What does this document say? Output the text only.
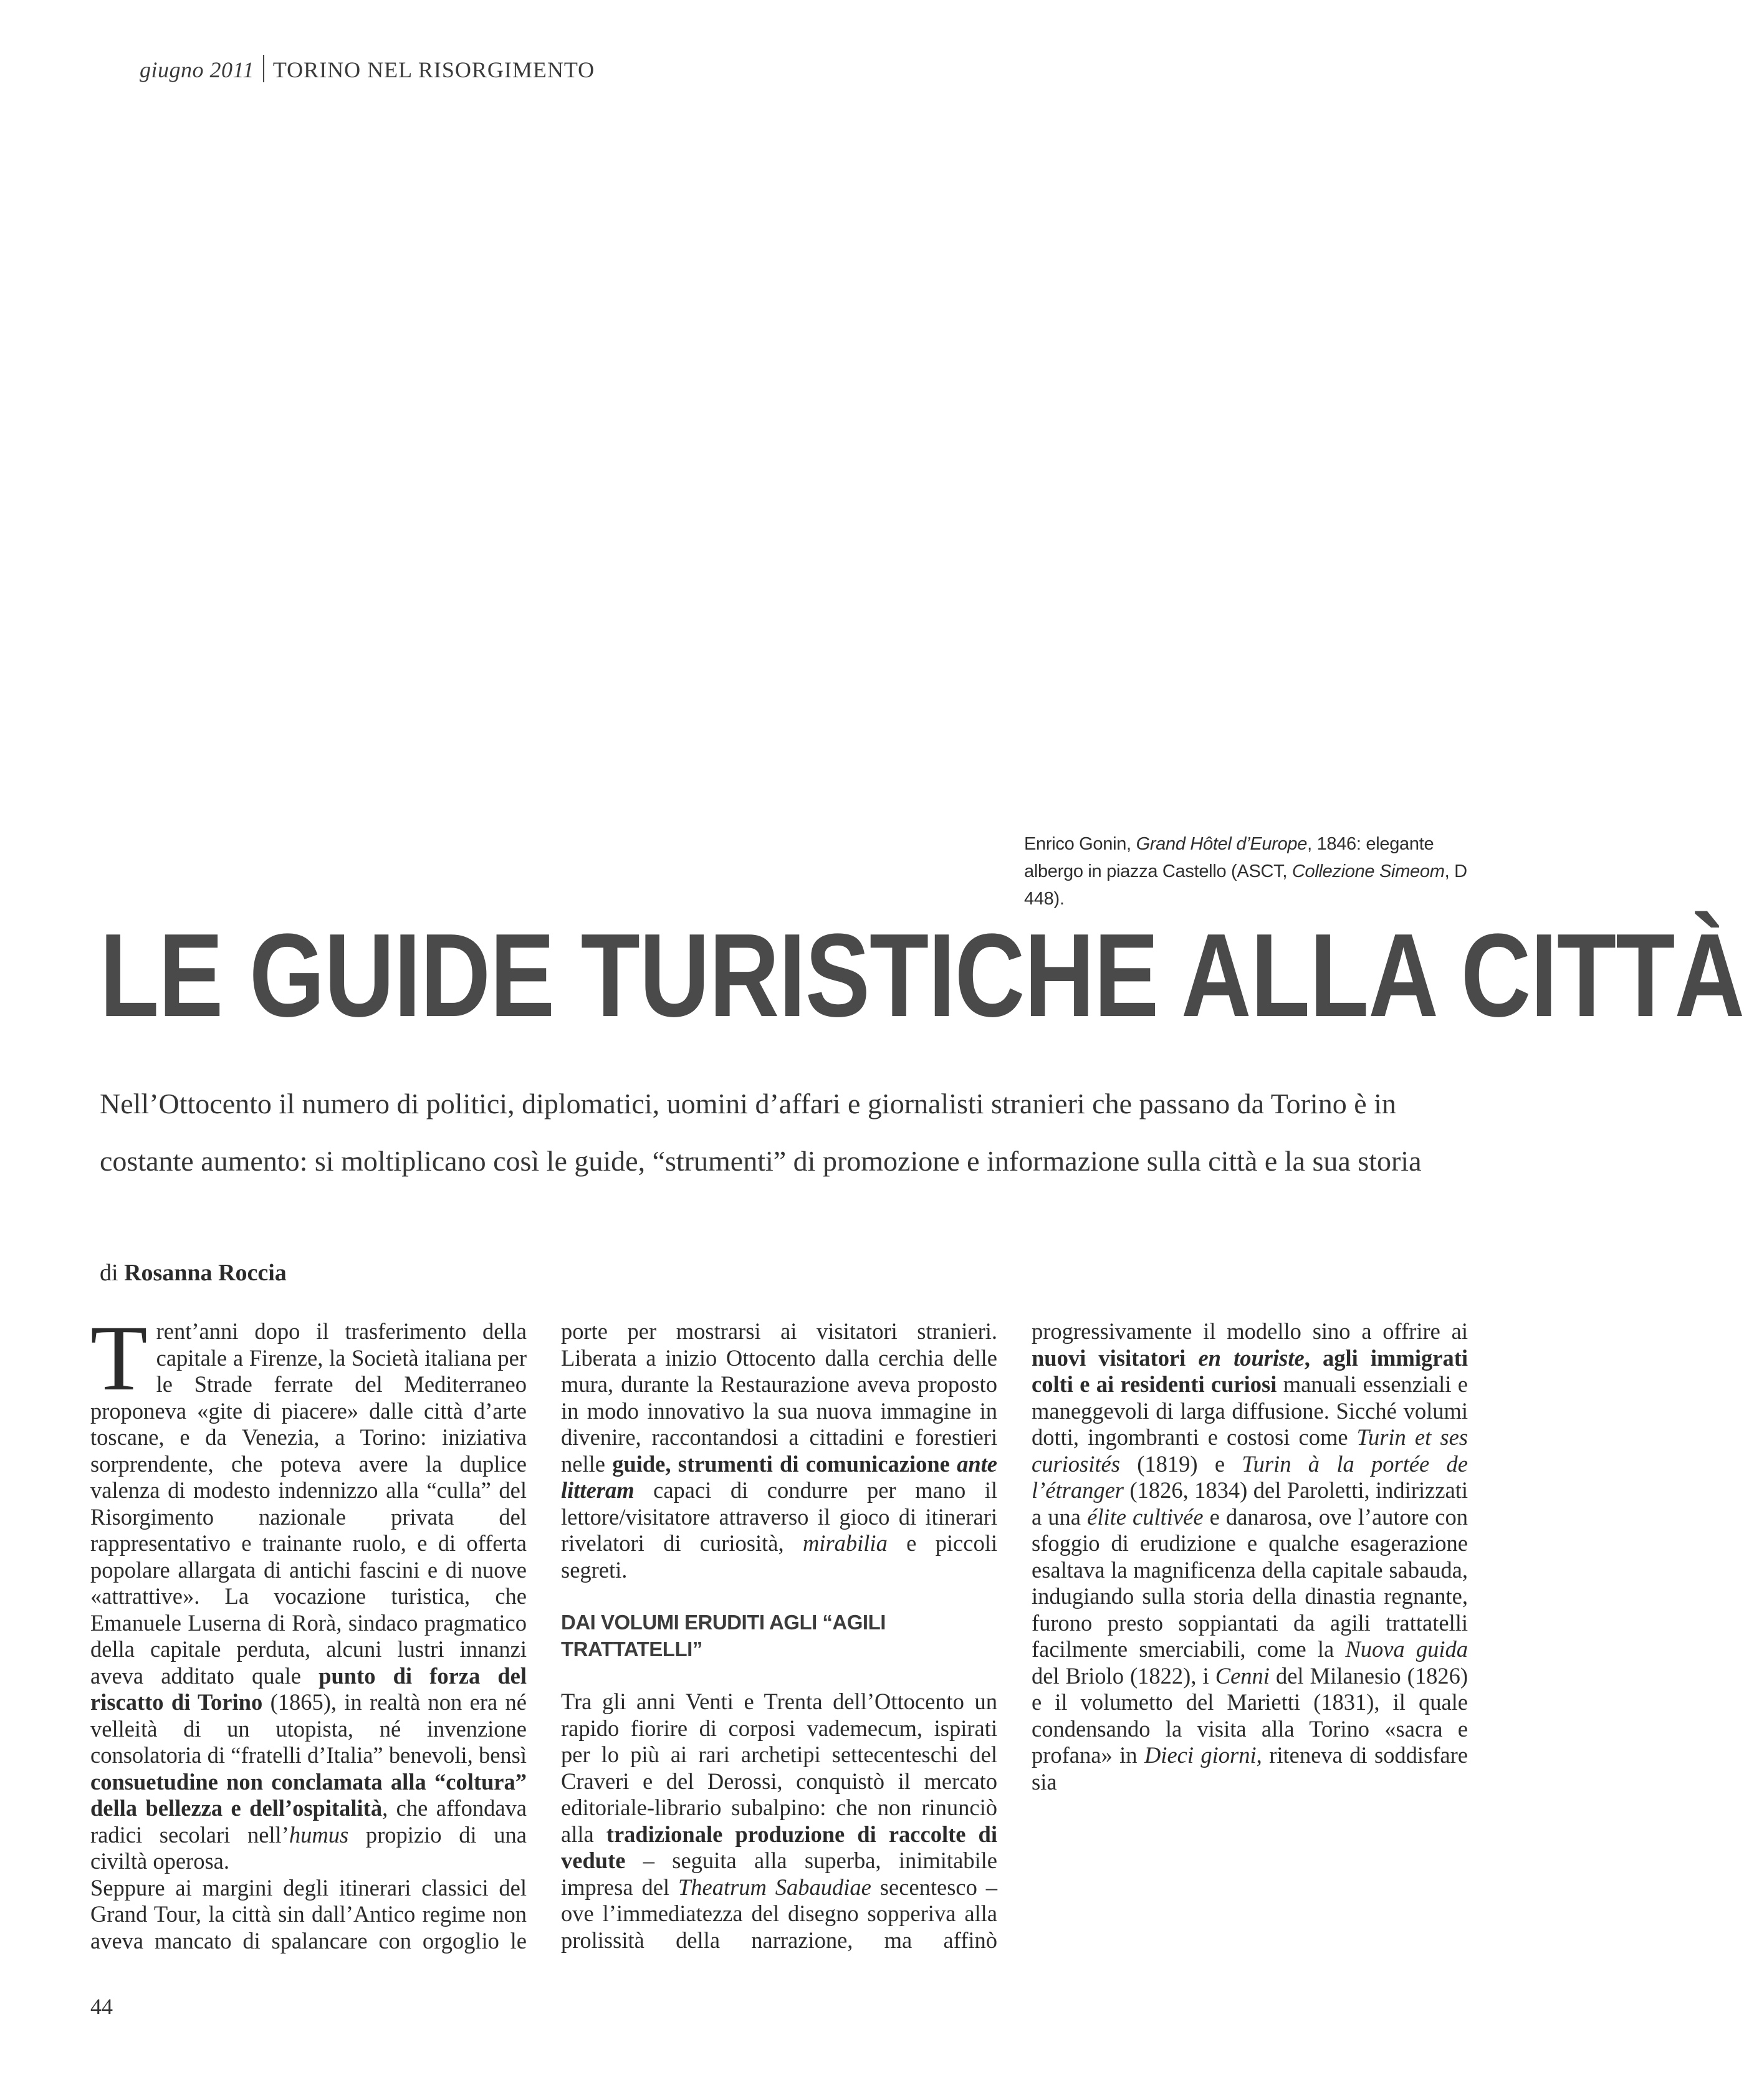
giugno 2011 TORINO NEL RISORGIMENTO
Enrico Gonin, Grand Hôtel d’Europe, 1846: elegante albergo in piazza Castello (ASCT, Collezione Simeom, D 448).
LE GUIDE TURISTICHE ALLA CITTÀ
Nell’Ottocento il numero di politici, diplomatici, uomini d’affari e giornalisti stranieri che passano da Torino è in costante aumento: si moltiplicano così le guide, “strumenti” di promozione e informazione sulla città e la sua storia
di Rosanna Roccia

Trent’anni dopo il trasferimento della capitale a Firenze, la Società italiana per le Strade ferrate del Mediterraneo proponeva «gite di piacere» dalle città d’arte toscane, e da Venezia, a Torino: iniziativa sorprendente, che poteva avere la duplice valenza di modesto indennizzo alla “culla” del Risorgimento nazionale privata del rappresentativo e trainante ruolo, e di offerta popolare allargata di antichi fascini e di nuove «attrattive». La vocazione turistica, che Emanuele Luserna di Rorà, sindaco pragmatico della capitale perduta, alcuni lustri innanzi aveva additato quale punto di forza del riscatto di Torino (1865), in realtà non era né velleità di un utopista, né invenzione consolatoria di “fratelli d’Italia” benevoli, bensì consuetudine non conclamata alla “coltura” della bellezza e dell’ospitalità, che affondava radici secolari nell’humus propizio di una civiltà operosa.

Seppure ai margini degli itinerari classici del Grand Tour, la città sin dall’Antico regime non aveva mancato di spalancare con orgoglio le porte per mostrarsi ai visitatori stranieri. Liberata a inizio Ottocento dalla cerchia delle mura, durante la Restaurazione aveva proposto in modo innovativo la sua nuova immagine in divenire, raccontandosi a cittadini e forestieri nelle guide, strumenti di comunicazione ante litteram capaci di condurre per mano il lettore/visitatore attraverso il gioco di itinerari rivelatori di curiosità, mirabilia e piccoli segreti.

DAI VOLUMI ERUDITI AGLI “AGILI TRATTATELLI”

Tra gli anni Venti e Trenta dell’Ottocento un rapido fiorire di corposi vademecum, ispirati per lo più ai rari archetipi settecenteschi del Craveri e del Derossi, conquistò il mercato editoriale-librario subalpino: che non rinunciò alla tradizionale produzione di raccolte di vedute – seguita alla superba, inimitabile impresa del Theatrum Sabaudiae secentesco – ove l’immediatezza del disegno sopperiva alla prolissità della narrazione, ma affinò progressivamente il modello sino a offrire ai nuovi visitatori en touriste, agli immigrati colti e ai residenti curiosi manuali essenziali e maneggevoli di larga diffusione. Sicché volumi dotti, ingombranti e costosi come Turin et ses curiosités (1819) e Turin à la portée de l’étranger (1826, 1834) del Paroletti, indirizzati a una élite cultivée e danarosa, ove l’autore con sfoggio di erudizione e qualche esagerazione esaltava la magnificenza della capitale sabauda, indugiando sulla storia della dinastia regnante, furono presto soppiantati da agili trattatelli facilmente smerciabili, come la Nuova guida del Briolo (1822), i Cenni del Milanesio (1826) e il volumetto del Marietti (1831), il quale condensando la visita alla Torino «sacra e profana» in Dieci giorni, riteneva di soddisfare sia

44
